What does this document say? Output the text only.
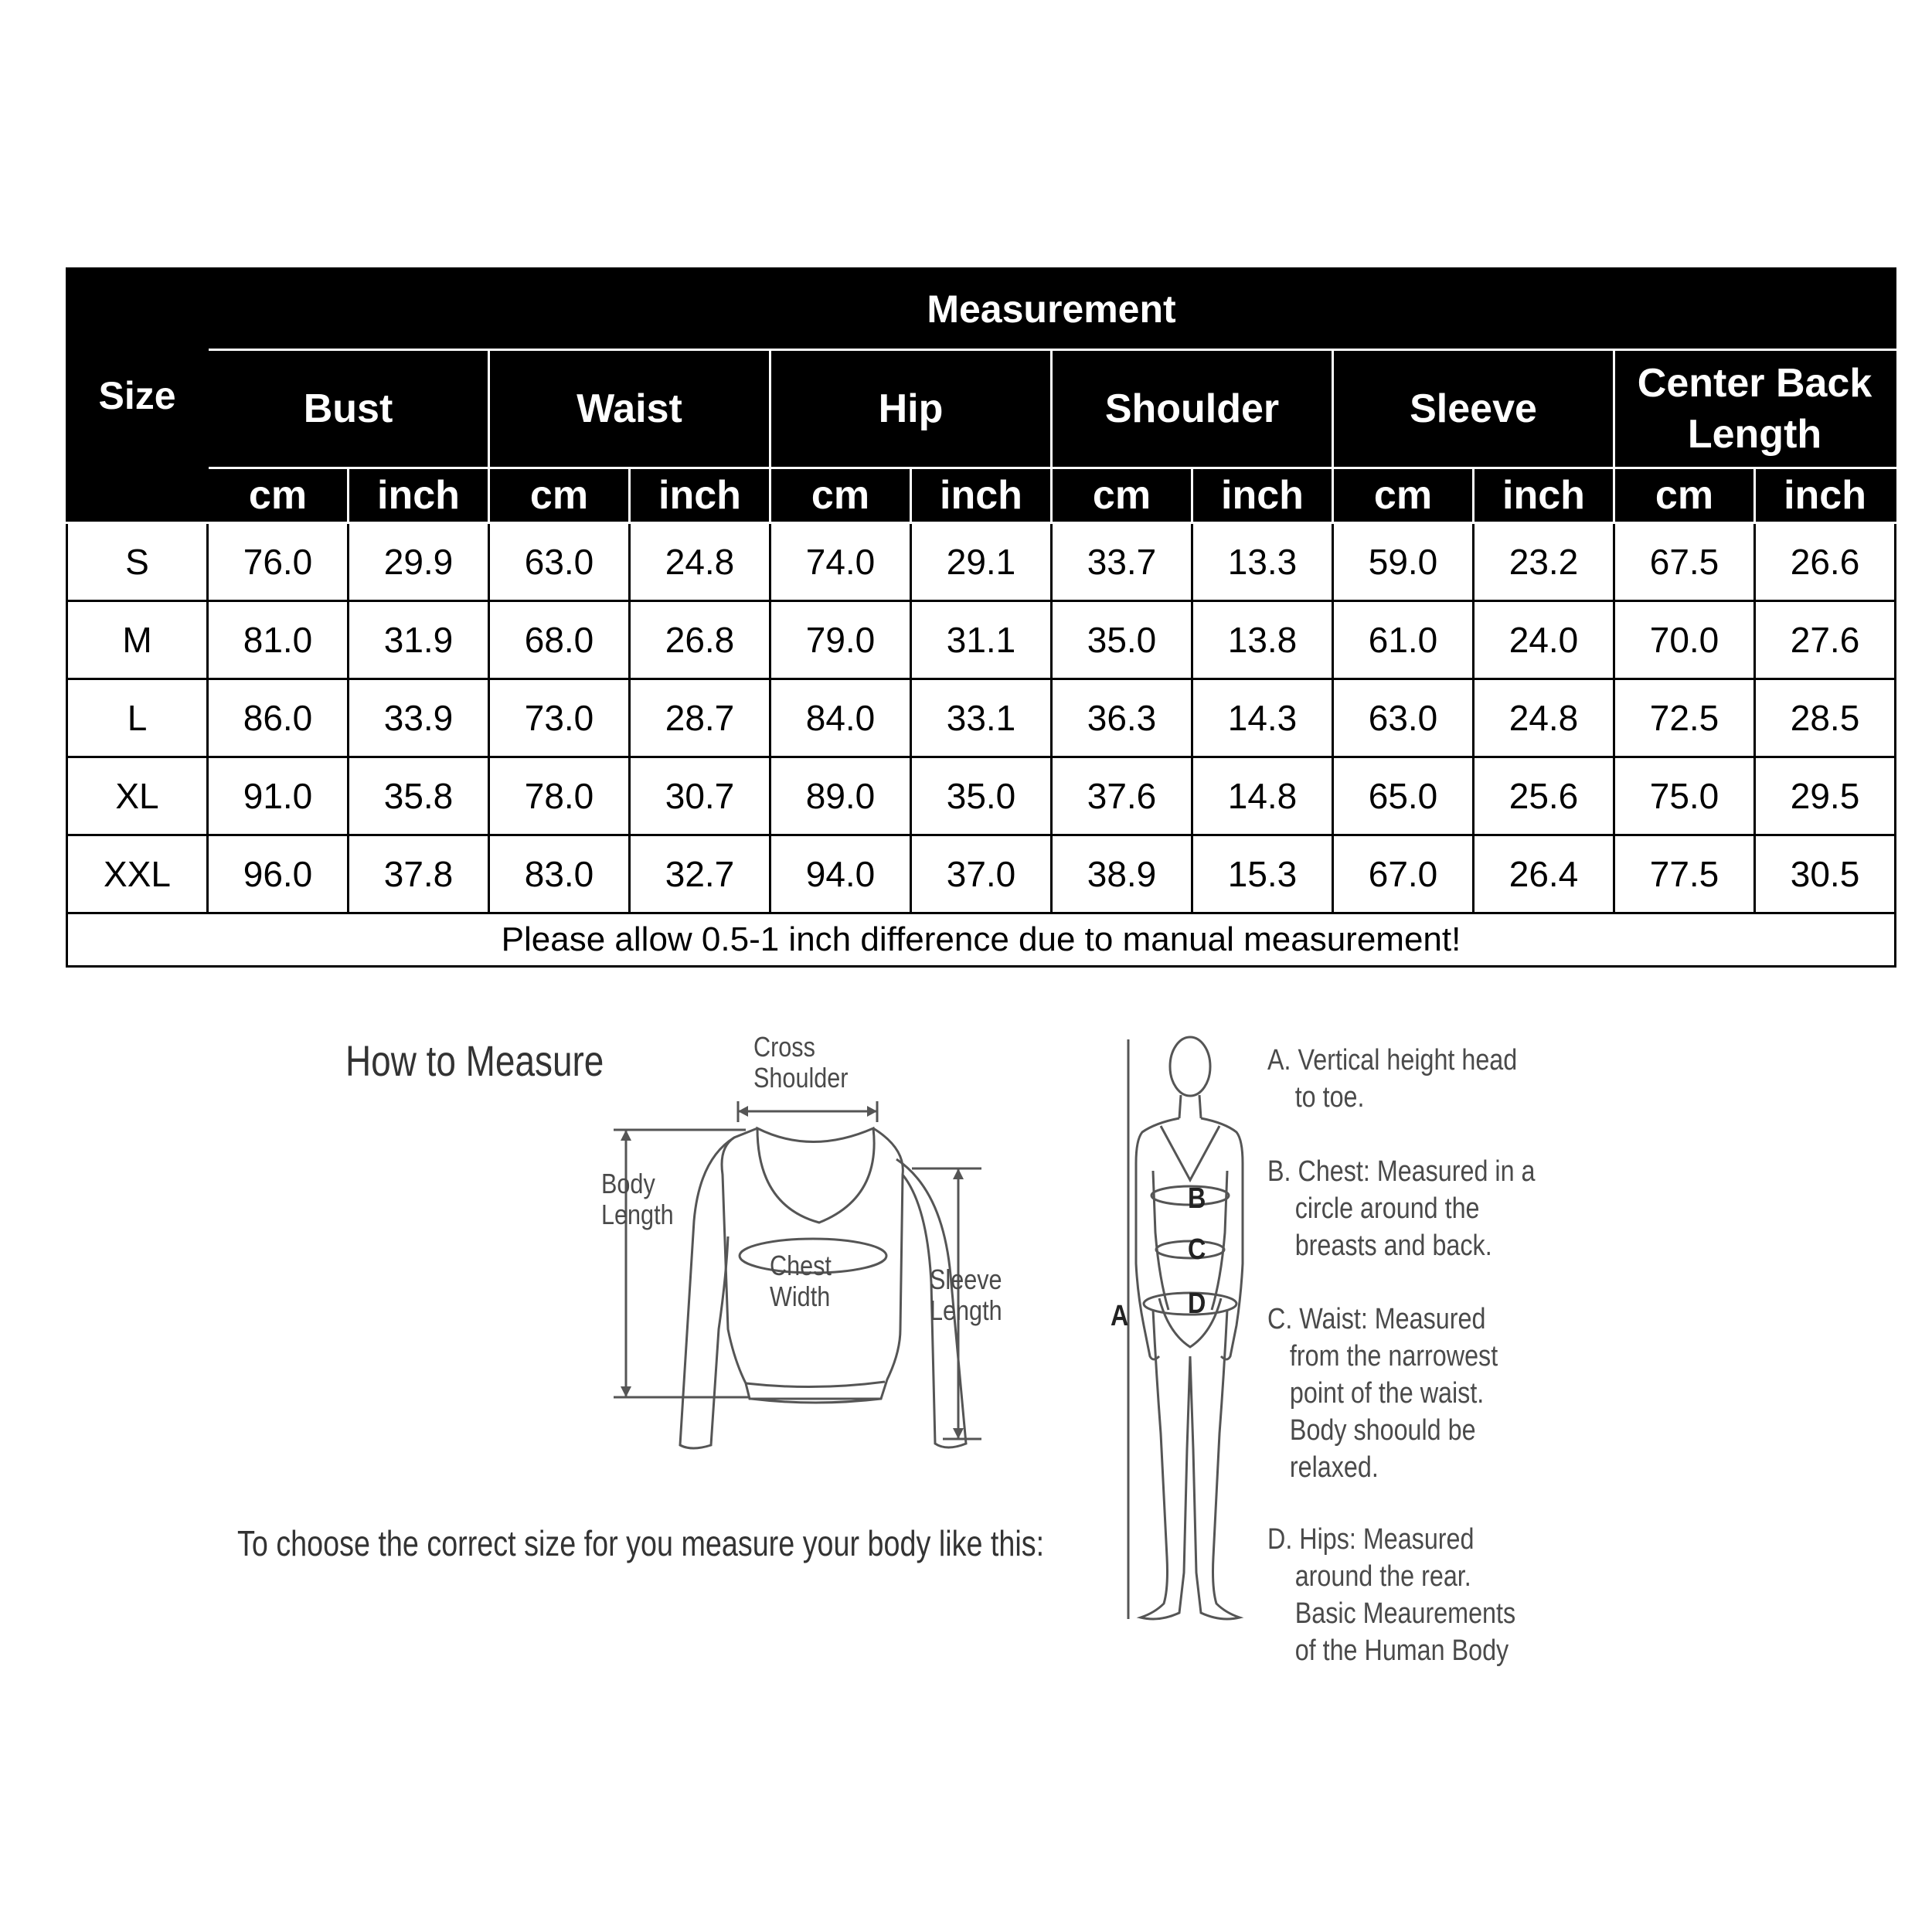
Size	Measurement											
	Bust		Waist		Hip		Shoulder		Sleeve		Center Back Length	
	cm	inch	cm	inch	cm	inch	cm	inch	cm	inch	cm	inch
S	76.0	29.9	63.0	24.8	74.0	29.1	33.7	13.3	59.0	23.2	67.5	26.6
M	81.0	31.9	68.0	26.8	79.0	31.1	35.0	13.8	61.0	24.0	70.0	27.6
L	86.0	33.9	73.0	28.7	84.0	33.1	36.3	14.3	63.0	24.8	72.5	28.5
XL	91.0	35.8	78.0	30.7	89.0	35.0	37.6	14.8	65.0	25.6	75.0	29.5
XXL	96.0	37.8	83.0	32.7	94.0	37.0	38.9	15.3	67.0	26.4	77.5	30.5
Please allow 0.5-1 inch difference due to manual measurement!												
How to Measure
To choose the correct size for you measure your body like this:
Cross
Shoulder
Body
Length
Chest
Width
Sleeve
Length
B
C
D
A
A. Vertical height head
to toe.
B. Chest: Measured in a
circle around the
breasts and back.
C. Waist: Measured
from the narrowest
point of the waist.
Body shoould be
relaxed.
D. Hips: Measured
around the rear.
Basic Meaurements
of the Human Body
